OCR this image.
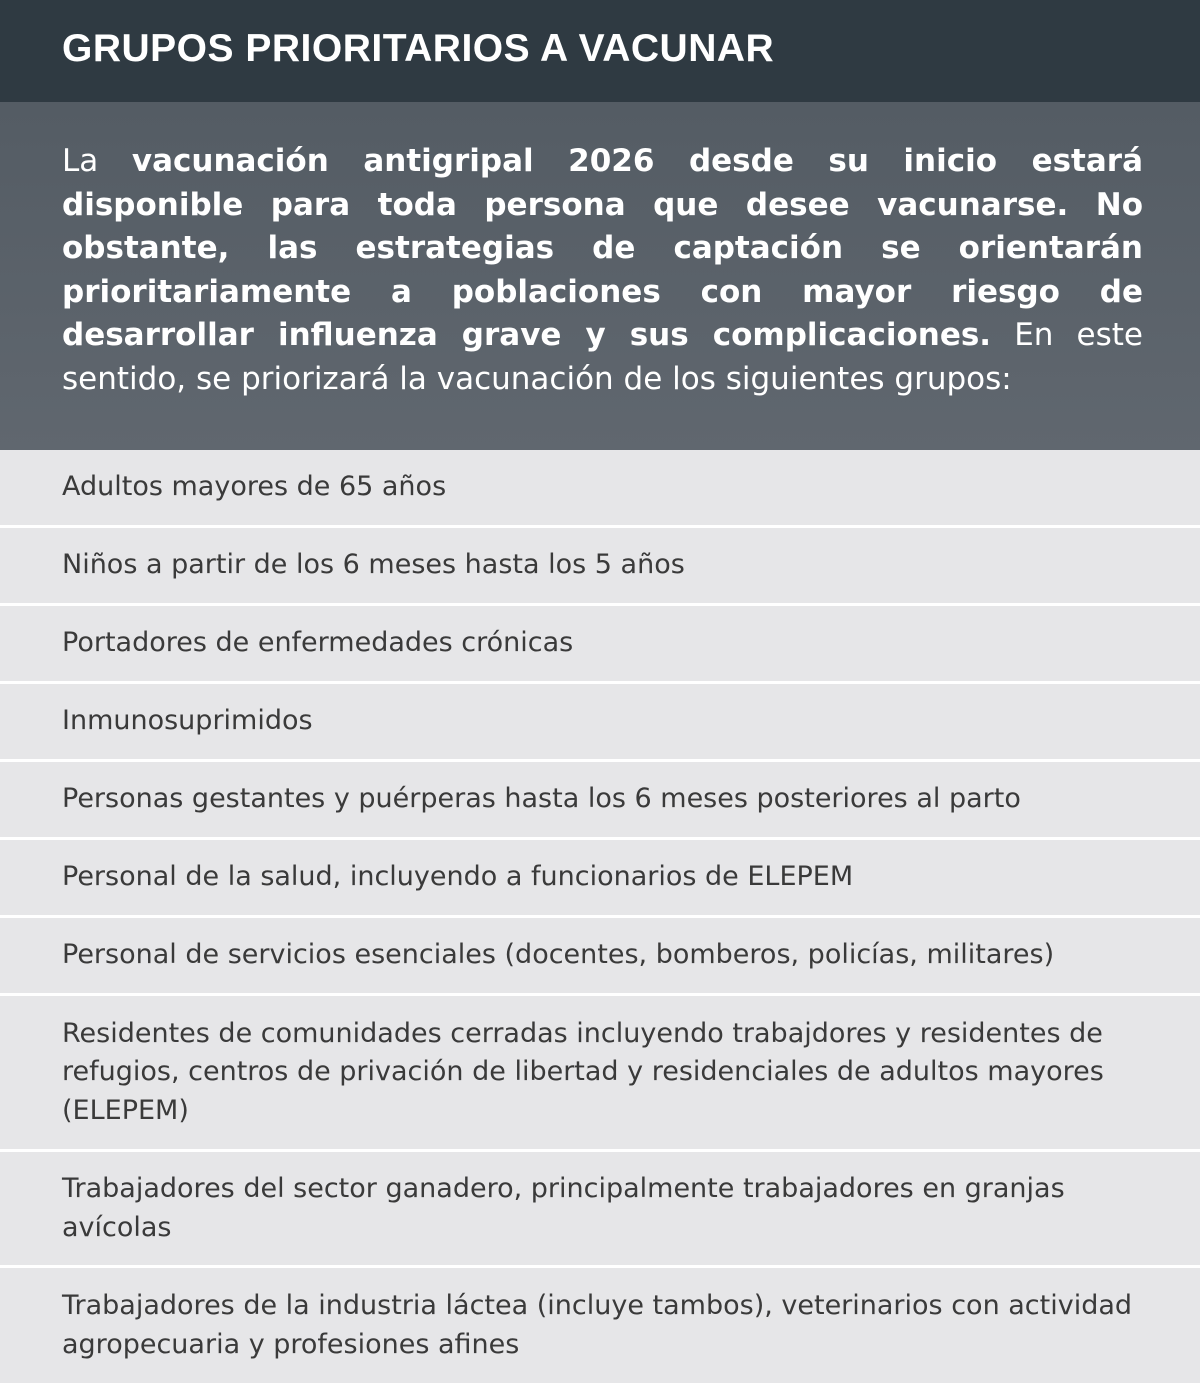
GRUPOS PRIORITARIOS A VACUNAR

La vacunación antigripal 2026 desde su inicio estará disponible para toda persona que desee vacunarse. No obstante, las estrategias de captación se orientarán prioritariamente a poblaciones con mayor riesgo de desarrollar influenza grave y sus complicaciones. En este sentido, se priorizará la vacunación de los siguientes grupos:

Adultos mayores de 65 años
Niños a partir de los 6 meses hasta los 5 años
Portadores de enfermedades crónicas
Inmunosuprimidos
Personas gestantes y puérperas hasta los 6 meses posteriores al parto
Personal de la salud, incluyendo a funcionarios de ELEPEM
Personal de servicios esenciales (docentes, bomberos, policías, militares)
Residentes de comunidades cerradas incluyendo trabajdores y residentes de refugios, centros de privación de libertad y residenciales de adultos mayores (ELEPEM)
Trabajadores del sector ganadero, principalmente trabajadores en granjas avícolas
Trabajadores de la industria láctea (incluye tambos), veterinarios con actividad agropecuaria y profesiones afines
